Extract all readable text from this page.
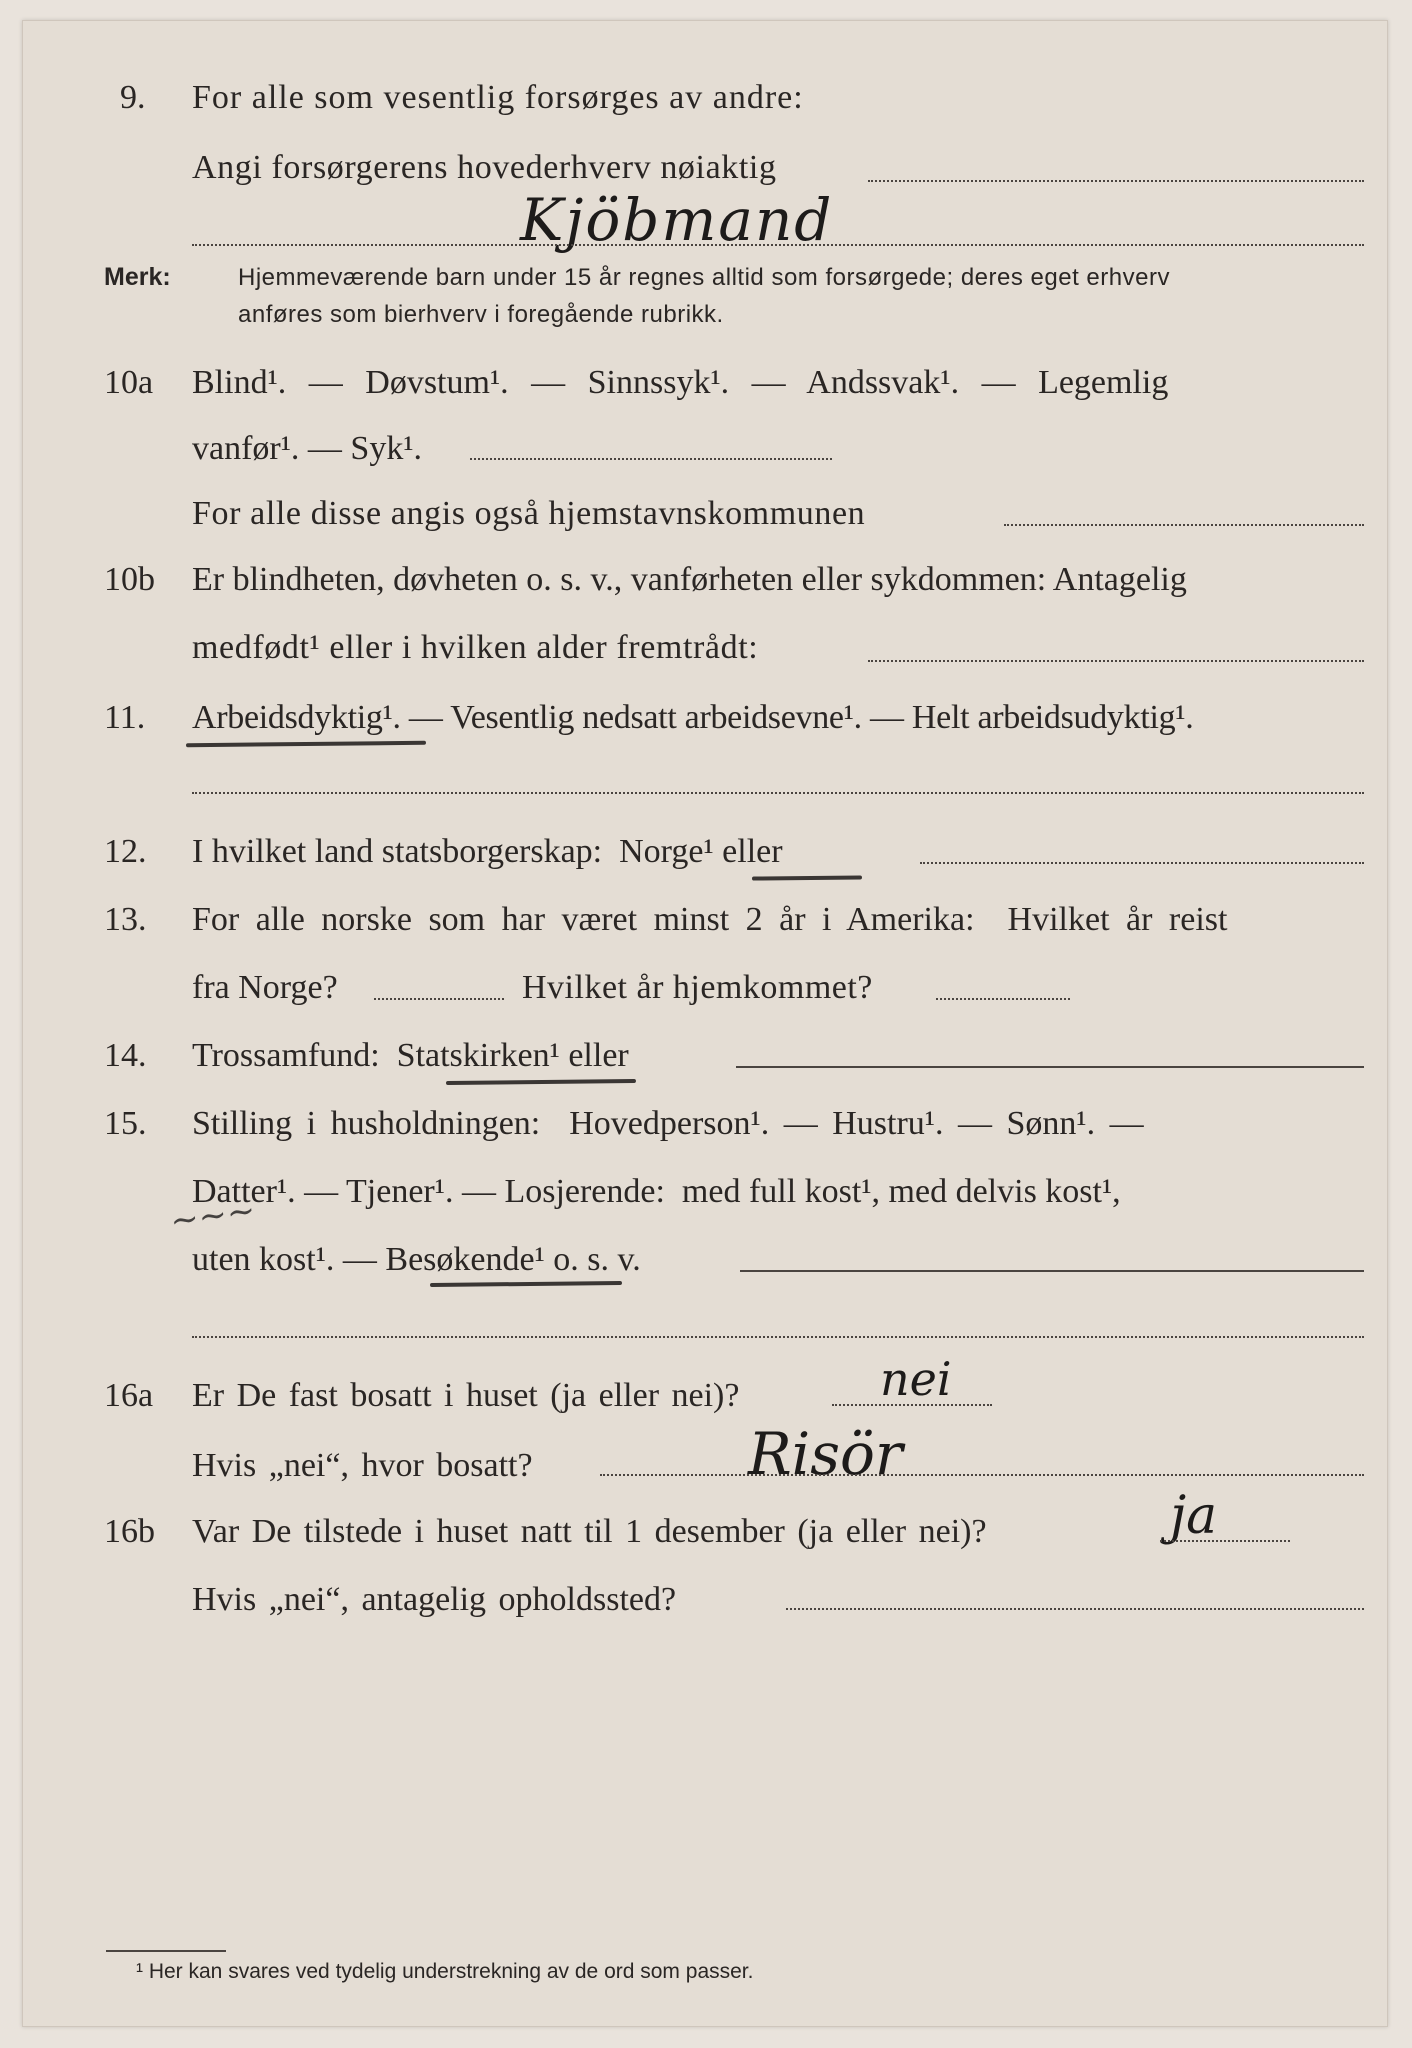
9. For alle som vesentlig forsørges av andre:
Angi forsørgerens hovederhverv nøiaktig
Kjöbmand
Merk:	Hjemmeværende barn under 15 år regnes alltid som forsørgede; deres eget erhverv
anføres som bierhverv i foregående rubrikk.
10a Blind¹. — Døvstum¹. — Sinnssyk¹. — Andssvak¹. — Legemlig
vanfør¹. — Syk¹.
For alle disse angis også hjemstavnskommunen
10b Er blindheten, døvheten o. s. v., vanførheten eller sykdommen: Antagelig
medfødt¹ eller i hvilken alder fremtrådt:
11. Arbeidsdyktig¹. — Vesentlig nedsatt arbeidsevne¹. — Helt arbeidsudyktig¹.
12. I hvilket land statsborgerskap:  Norge¹ eller
13. For alle norske som har været minst 2 år i Amerika:  Hvilket år reist
fra Norge?	Hvilket år hjemkommet?
14. Trossamfund:  Statskirken¹ eller
15. Stilling i husholdningen:  Hovedperson¹. — Hustru¹. — Sønn¹. —
Datter¹. — Tjener¹. — Losjerende:  med full kost¹, med delvis kost¹,
~~~
uten kost¹. — Besøkende¹ o. s. v.
16a Er De fast bosatt i huset (ja eller nei)?	nei
Hvis „nei“, hvor bosatt?	Risör
16b Var De tilstede i huset natt til 1 desember (ja eller nei)?	ja
Hvis „nei“, antagelig opholdssted?
¹ Her kan svares ved tydelig understrekning av de ord som passer.
